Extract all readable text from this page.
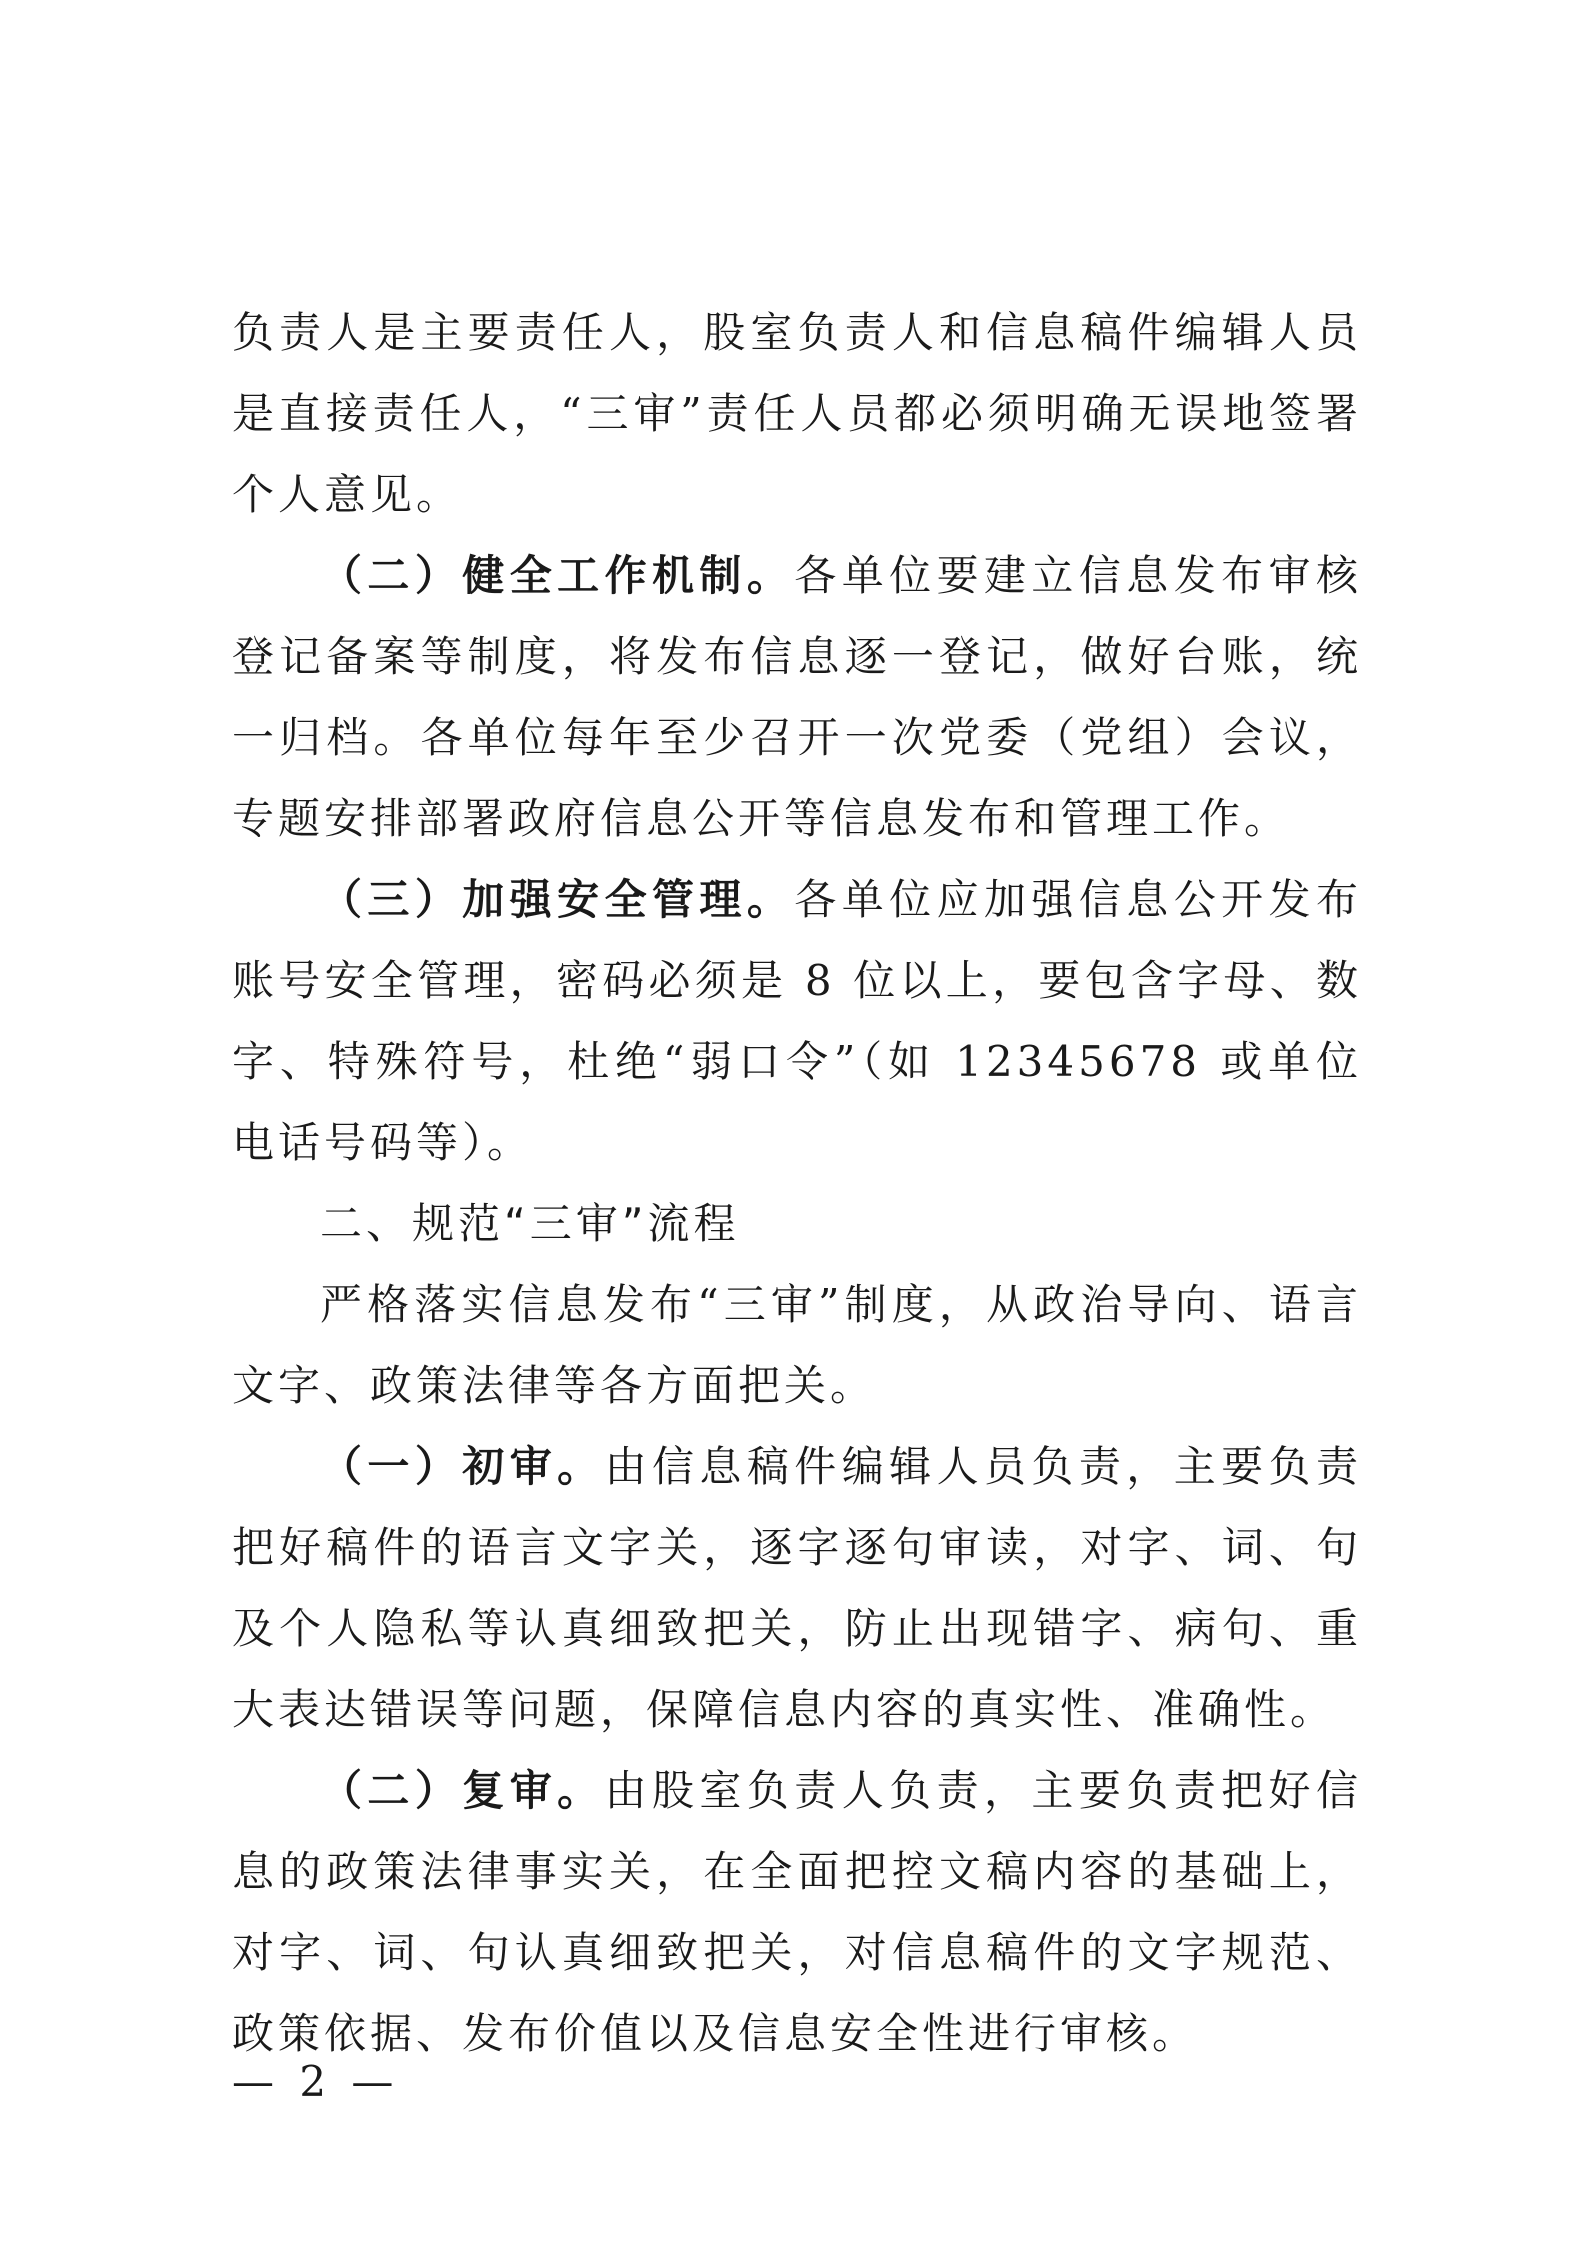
负责人是主要责任人，股室负责人和信息稿件编辑人员是直接责任人，“三审”责任人员都必须明确无误地签署个人意见。

（二）健全工作机制。各单位要建立信息发布审核登记备案等制度，将发布信息逐一登记，做好台账，统一归档。各单位每年至少召开一次党委（党组）会议，专题安排部署政府信息公开等信息发布和管理工作。

（三）加强安全管理。各单位应加强信息公开发布账号安全管理，密码必须是 8 位以上，要包含字母、数字、特殊符号，杜绝“弱口令”（如 12345678 或单位电话号码等）。

二、规范“三审”流程

严格落实信息发布“三审”制度，从政治导向、语言文字、政策法律等各方面把关。

（一）初审。由信息稿件编辑人员负责，主要负责把好稿件的语言文字关，逐字逐句审读，对字、词、句及个人隐私等认真细致把关，防止出现错字、病句、重大表达错误等问题，保障信息内容的真实性、准确性。

（二）复审。由股室负责人负责，主要负责把好信息的政策法律事实关，在全面把控文稿内容的基础上，对字、词、句认真细致把关，对信息稿件的文字规范、政策依据、发布价值以及信息安全性进行审核。

— 2 —
